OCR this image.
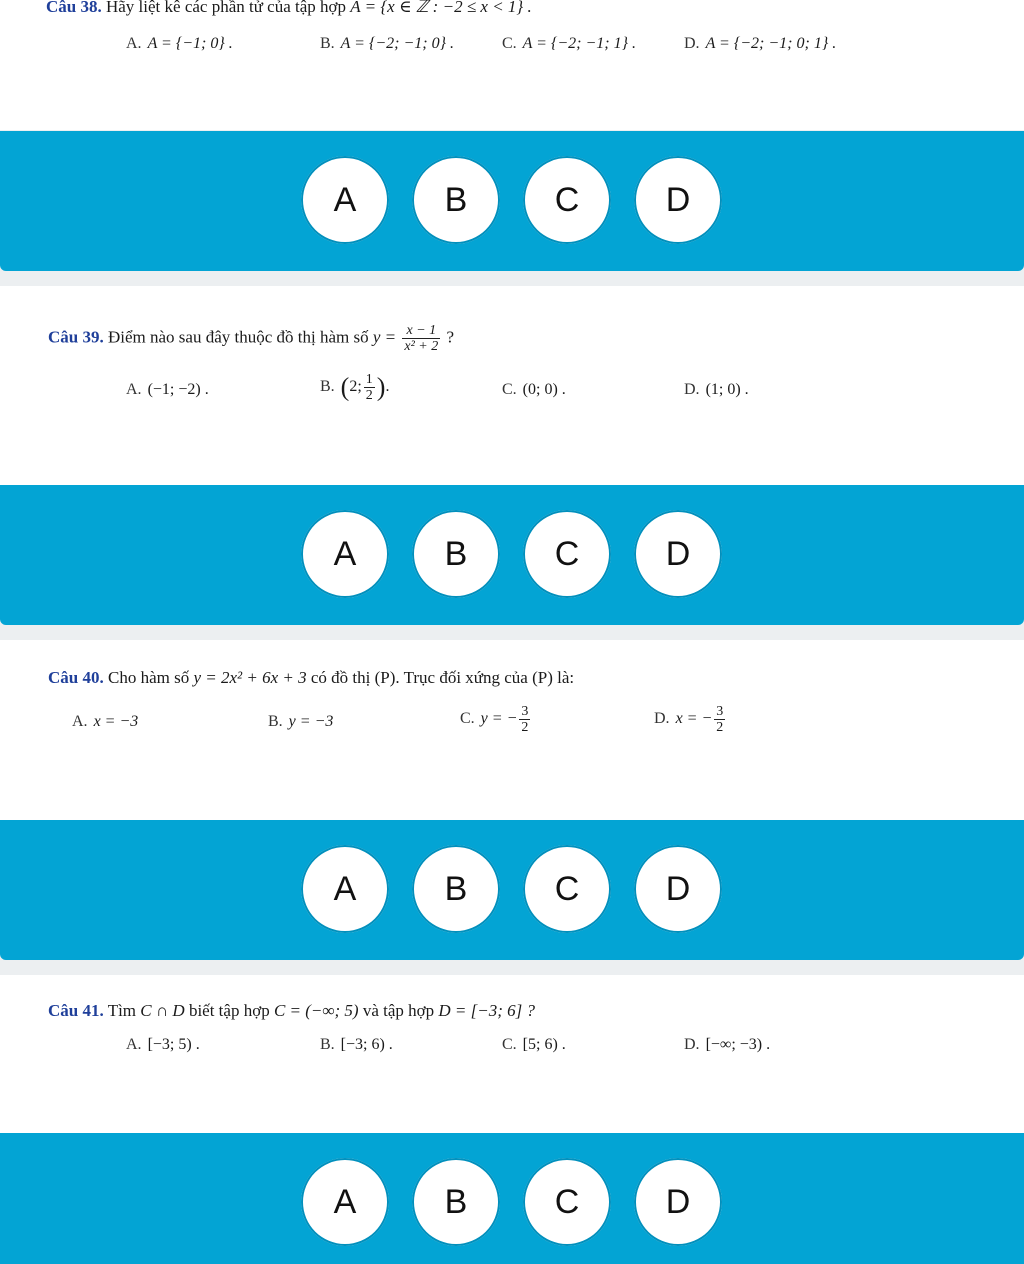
Câu 38. Hãy liệt kê các phần tử của tập hợp A = {x ∈ ℤ : −2 ≤ x < 1} .
A. A = {−1; 0} .	B. A = {−2; −1; 0} .	C. A = {−2; −1; 1} .	D. A = {−2; −1; 0; 1} .
A	B	C	D
Câu 39. Điểm nào sau đây thuộc đồ thị hàm số $y = \frac{x - 1}{\text{x² + 2}}$ ?
A. (−1; −2) .	B. (2; $\frac{1}{2}$ ).	C. (0; 0) .	D. (1; 0) .
A	B	C	D
Câu 40. Cho hàm số y = 2x² + 6x + 3 có đồ thị (P). Trục đối xứng của (P) là:
A. x = −3	B. y = −3	C. y = − $\frac{3}{2}$	D. x = − $\frac{3}{2}$
A	B	C	D
Câu 41. Tìm C ∩ D biết tập hợp C = (−∞; 5) và tập hợp D = [−3; 6] ?
A. [−3; 5) .	B. [−3; 6) .	C. [5; 6) .	D. [−∞; −3) .
A	B	C	D
